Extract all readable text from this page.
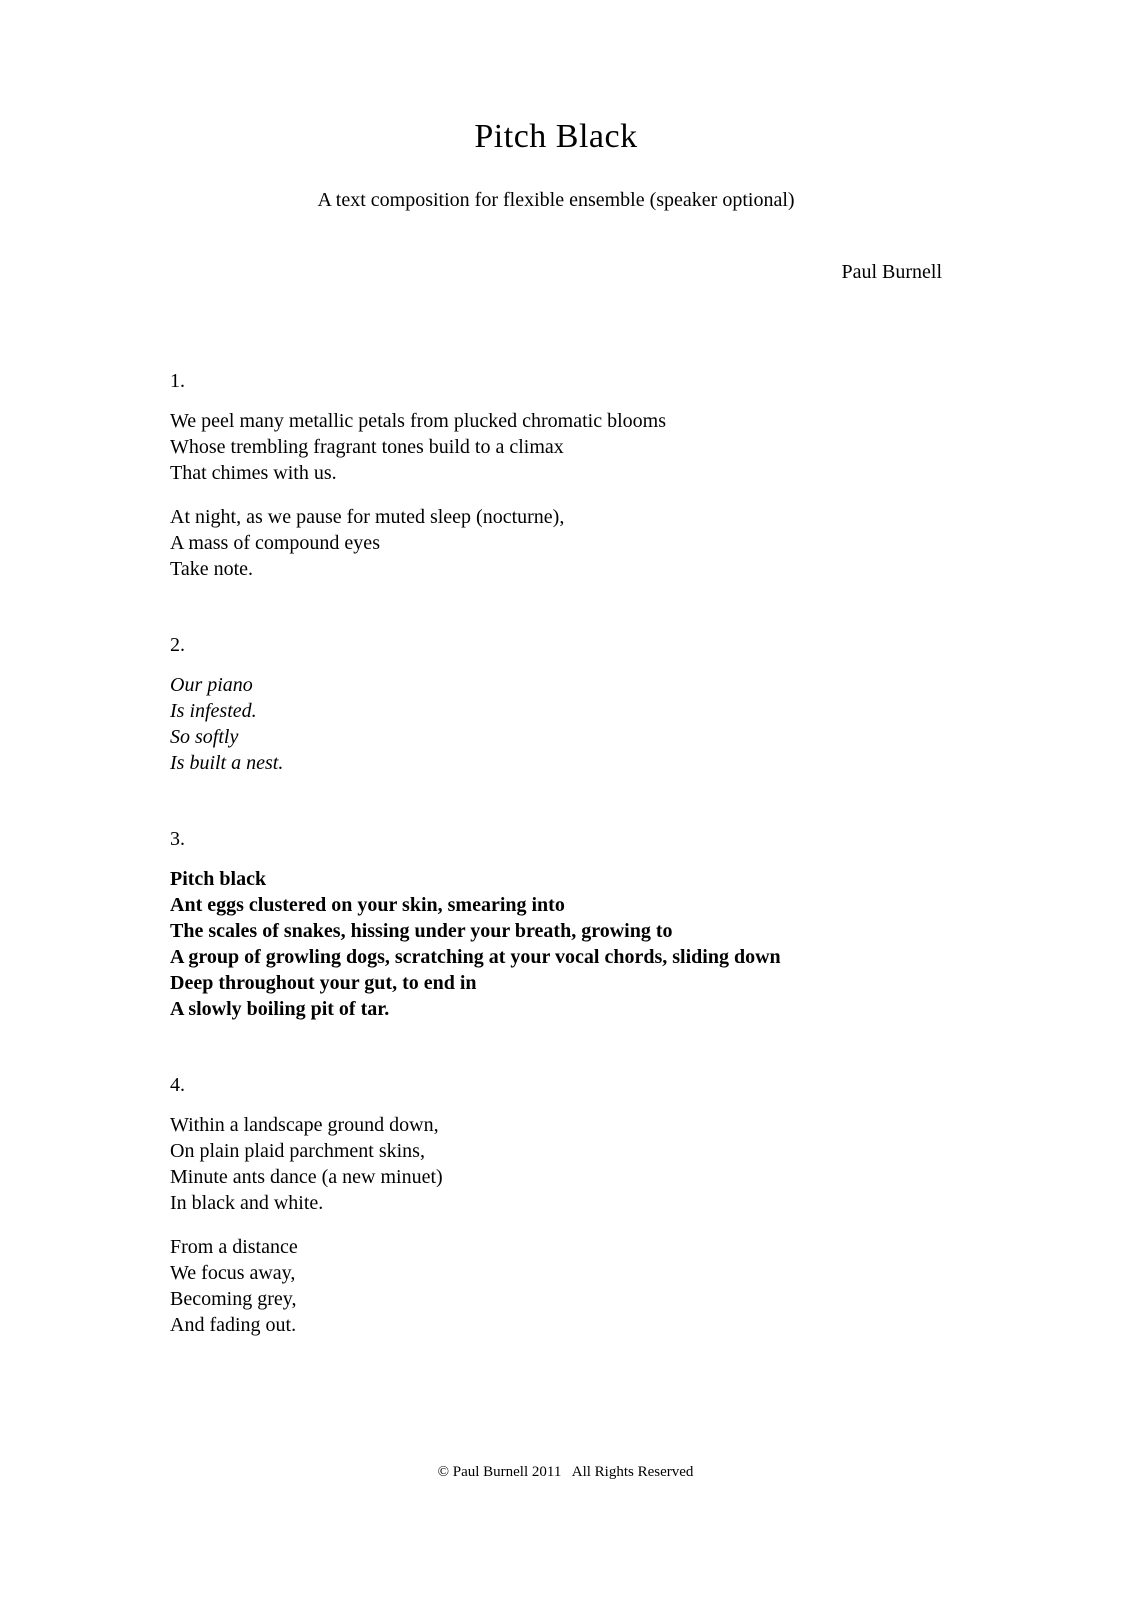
Pitch Black

A text composition for flexible ensemble (speaker optional)

Paul Burnell

1.

We peel many metallic petals from plucked chromatic blooms
Whose trembling fragrant tones build to a climax
That chimes with us.
At night, as we pause for muted sleep (nocturne),
A mass of compound eyes
Take note.

2.

Our piano
Is infested.
So softly
Is built a nest.

3.

Pitch black
Ant eggs clustered on your skin, smearing into
The scales of snakes, hissing under your breath, growing to
A group of growling dogs, scratching at your vocal chords, sliding down
Deep throughout your gut, to end in
A slowly boiling pit of tar.

4.

Within a landscape ground down,
On plain plaid parchment skins,
Minute ants dance (a new minuet)
In black and white.
From a distance
We focus away,
Becoming grey,
And fading out.
© Paul Burnell 2011   All Rights Reserved
